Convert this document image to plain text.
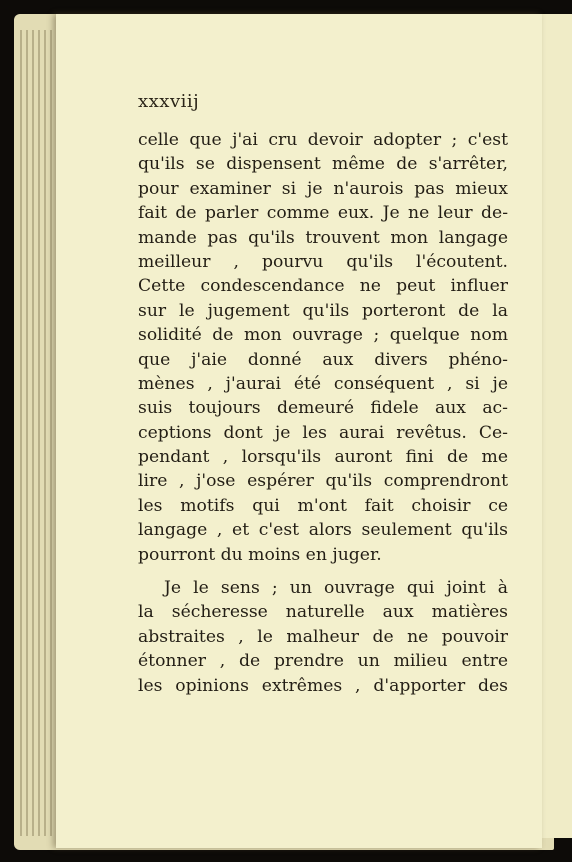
xxxviij

celle que j'ai cru devoir adopter ; c'est

qu'ils se dispensent même de s'arrêter,

pour examiner si je n'aurois pas mieux

fait de parler comme eux. Je ne leur de-

mande pas qu'ils trouvent mon langage

meilleur , pourvu qu'ils l'écoutent.

Cette condescendance ne peut influer

sur le jugement qu'ils porteront de la

solidité de mon ouvrage ; quelque nom

que j'aie donné aux divers phéno-

mènes , j'aurai été conséquent , si je

suis toujours demeuré fidele aux ac-

ceptions dont je les aurai revêtus. Ce-

pendant , lorsqu'ils auront fini de me

lire , j'ose espérer qu'ils comprendront

les motifs qui m'ont fait choisir ce

langage , et c'est alors seulement qu'ils

pourront du moins en juger.

Je le sens ; un ouvrage qui joint à

la sécheresse naturelle aux matières

abstraites , le malheur de ne pouvoir

étonner , de prendre un milieu entre

les opinions extrêmes , d'apporter des
